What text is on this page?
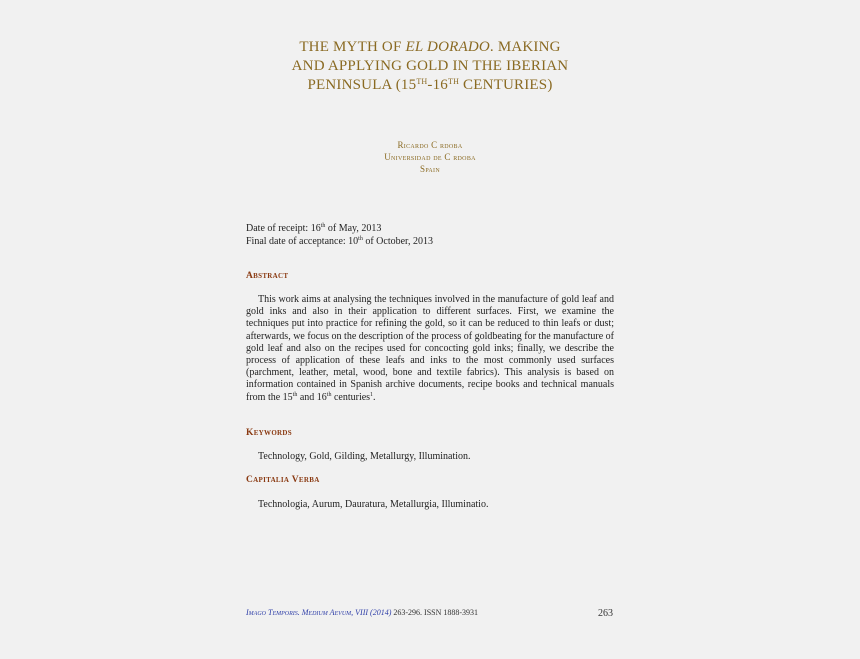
THE MYTH OF EL DORADO. MAKING
AND APPLYING GOLD IN THE IBERIAN
PENINSULA (15TH-16TH CENTURIES)
Ricardo C rdoba
Universidad de C rdoba
Spain
Date of receipt: 16th of May, 2013
Final date of acceptance: 10th of October, 2013
Abstract
This work aims at analysing the techniques involved in the manufacture of gold leaf and gold inks and also in their application to different surfaces. First, we examine the techniques put into practice for refining the gold, so it can be reduced to thin leafs or dust; afterwards, we focus on the description of the process of goldbeating for the manufacture of gold leaf and also on the recipes used for concocting gold inks; finally, we describe the process of application of these leafs and inks to the most commonly used surfaces (parchment, leather, metal, wood, bone and textile fabrics). This analysis is based on information contained in Spanish archive documents, recipe books and technical manuals from the 15th and 16th centuries$^1$.
Keywords
Technology, Gold, Gilding, Metallurgy, Illumination.
Capitalia Verba
Technologia, Aurum, Dauratura, Metallurgia, Illuminatio.
Imago Temporis. Medium Aevum, VIII (2014) 263-296. ISSN 1888-3931	263
